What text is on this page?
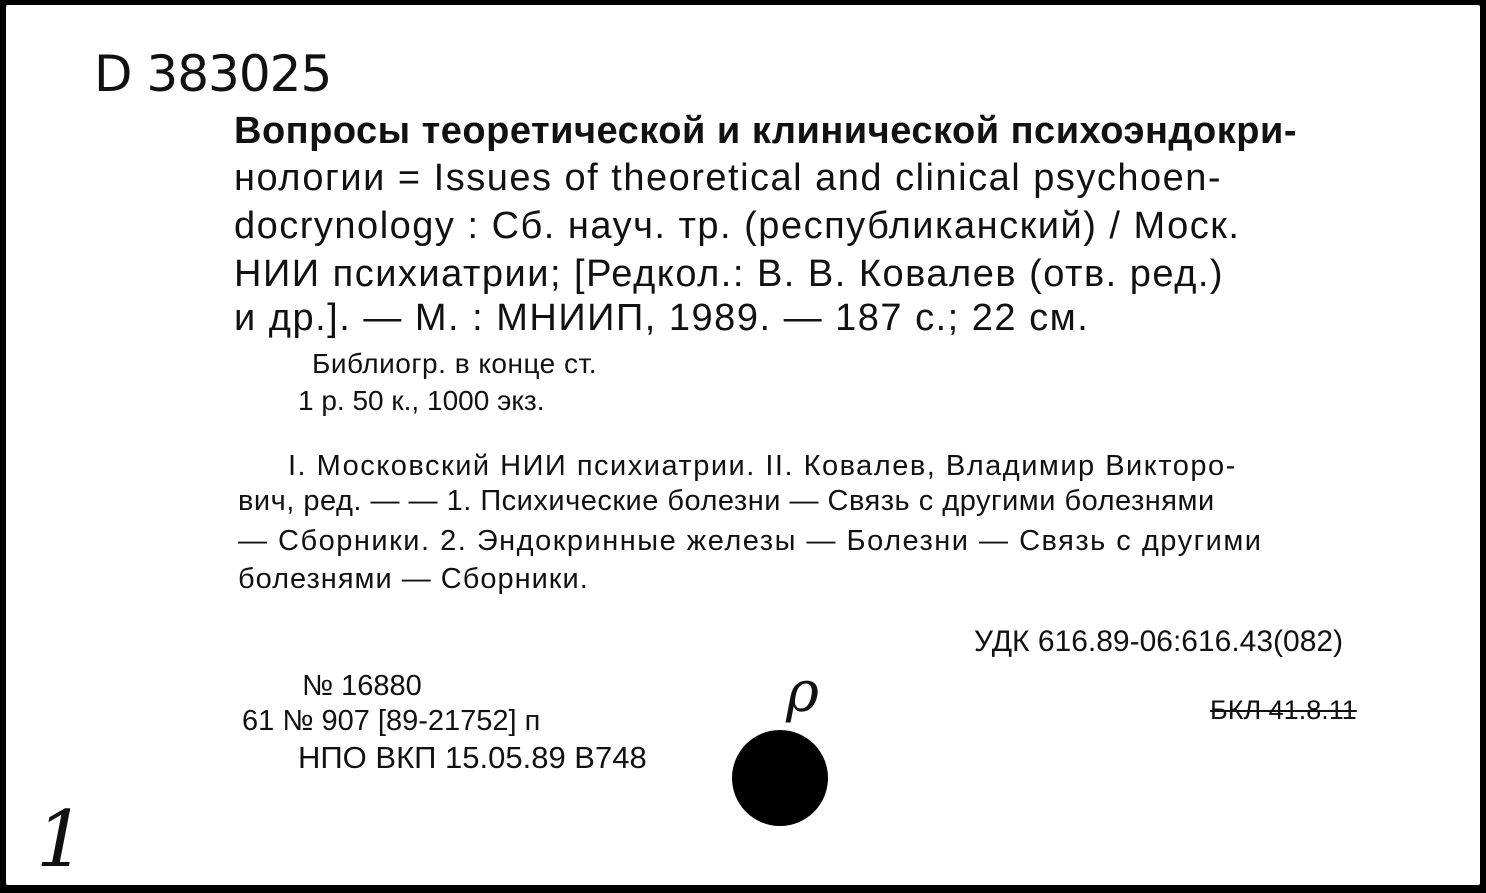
D 383025
Вопросы теоретической и клинической психоэндокри-
нологии = Issues of theoretical and clinical psychoen-
docrynology : Сб. науч. тр. (республиканский) / Моск.
НИИ психиатрии; [Редкол.: В. В. Ковалев (отв. ред.)
и др.]. — М. : МНИИП, 1989. — 187 с.; 22 см.
Библиогр. в конце ст.
1 р. 50 к., 1000 экз.
I. Московский НИИ психиатрии. II. Ковалев, Владимир Викторо-
вич, ред. — — 1. Психические болезни — Связь с другими болезнями
— Сборники. 2. Эндокринные железы — Болезни — Связь с другими
болезнями — Сборники.
УДК 616.89-06:616.43(082)
БКЛ 41.8.11
№ 16880
61 № 907 [89-21752] п
НПО ВКП 15.05.89 В748
ρ
1
